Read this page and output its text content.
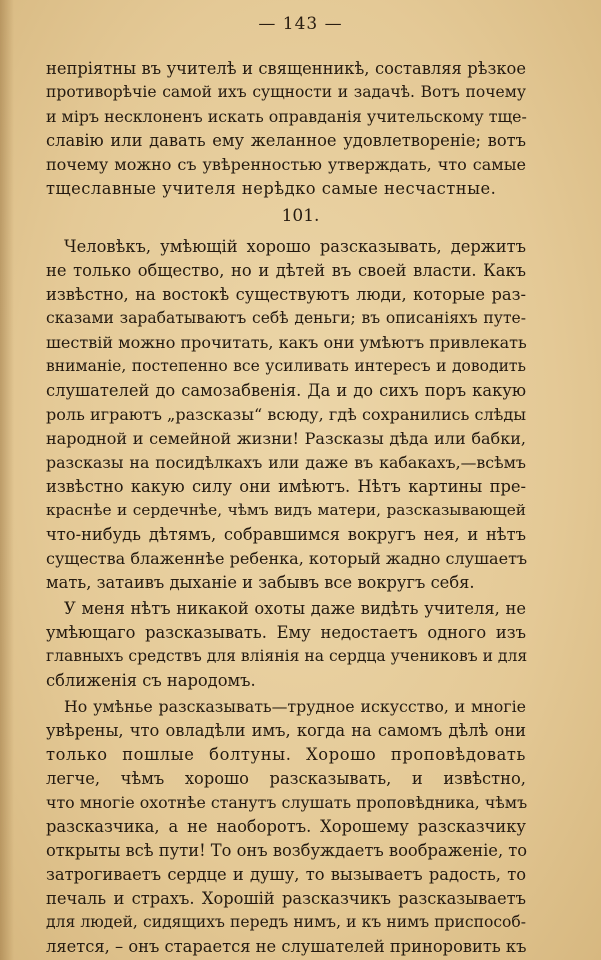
— 143 —
непріятны въ учителѣ и священникѣ, составляя рѣзкое
противорѣчіе самой ихъ сущности и задачѣ. Вотъ почему
и міръ несклоненъ искать оправданія учительскому тще-
славію или давать ему желанное удовлетвореніе; вотъ
почему можно съ увѣренностью утверждать, что самые
тщеславные учителя нерѣдко самые несчастные.
101.
Человѣкъ, умѣющій хорошо разсказывать, держитъ
не только общество, но и дѣтей въ своей власти. Какъ
извѣстно, на востокѣ существуютъ люди, которые раз-
сказами зарабатываютъ себѣ деньги; въ описаніяхъ путе-
шествій можно прочитать, какъ они умѣютъ привлекать
вниманіе, постепенно все усиливать интересъ и доводить
слушателей до самозабвенія. Да и до сихъ поръ какую
роль играютъ „разсказы“ всюду, гдѣ сохранились слѣды
народной и семейной жизни! Разсказы дѣда или бабки,
разсказы на посидѣлкахъ или даже въ кабакахъ,—всѣмъ
извѣстно какую силу они имѣютъ. Нѣтъ картины пре-
краснѣе и сердечнѣе, чѣмъ видъ матери, разсказывающей
что-нибудь дѣтямъ, собравшимся вокругъ нея, и нѣтъ
существа блаженнѣе ребенка, который жадно слушаетъ
мать, затаивъ дыханіе и забывъ все вокругъ себя.
У меня нѣтъ никакой охоты даже видѣть учителя, не
умѣющаго разсказывать. Ему недостаетъ одного изъ
главныхъ средствъ для вліянія на сердца учениковъ и для
сближенія съ народомъ.
Но умѣнье разсказывать—трудное искусство, и многіе
увѣрены, что овладѣли имъ, когда на самомъ дѣлѣ они
только пошлые болтуны. Хорошо проповѣдовать
легче, чѣмъ хорошо разсказывать, и извѣстно,
что многіе охотнѣе станутъ слушать проповѣдника, чѣмъ
разсказчика, а не наоборотъ. Хорошему разсказчику
открыты всѣ пути! То онъ возбуждаетъ воображеніе, то
затрогиваетъ сердце и душу, то вызываетъ радость, то
печаль и страхъ. Хорошій разсказчикъ разсказываетъ
для людей, сидящихъ передъ нимъ, и къ нимъ приспособ-
ляется, – онъ старается не слушателей приноровить къ
